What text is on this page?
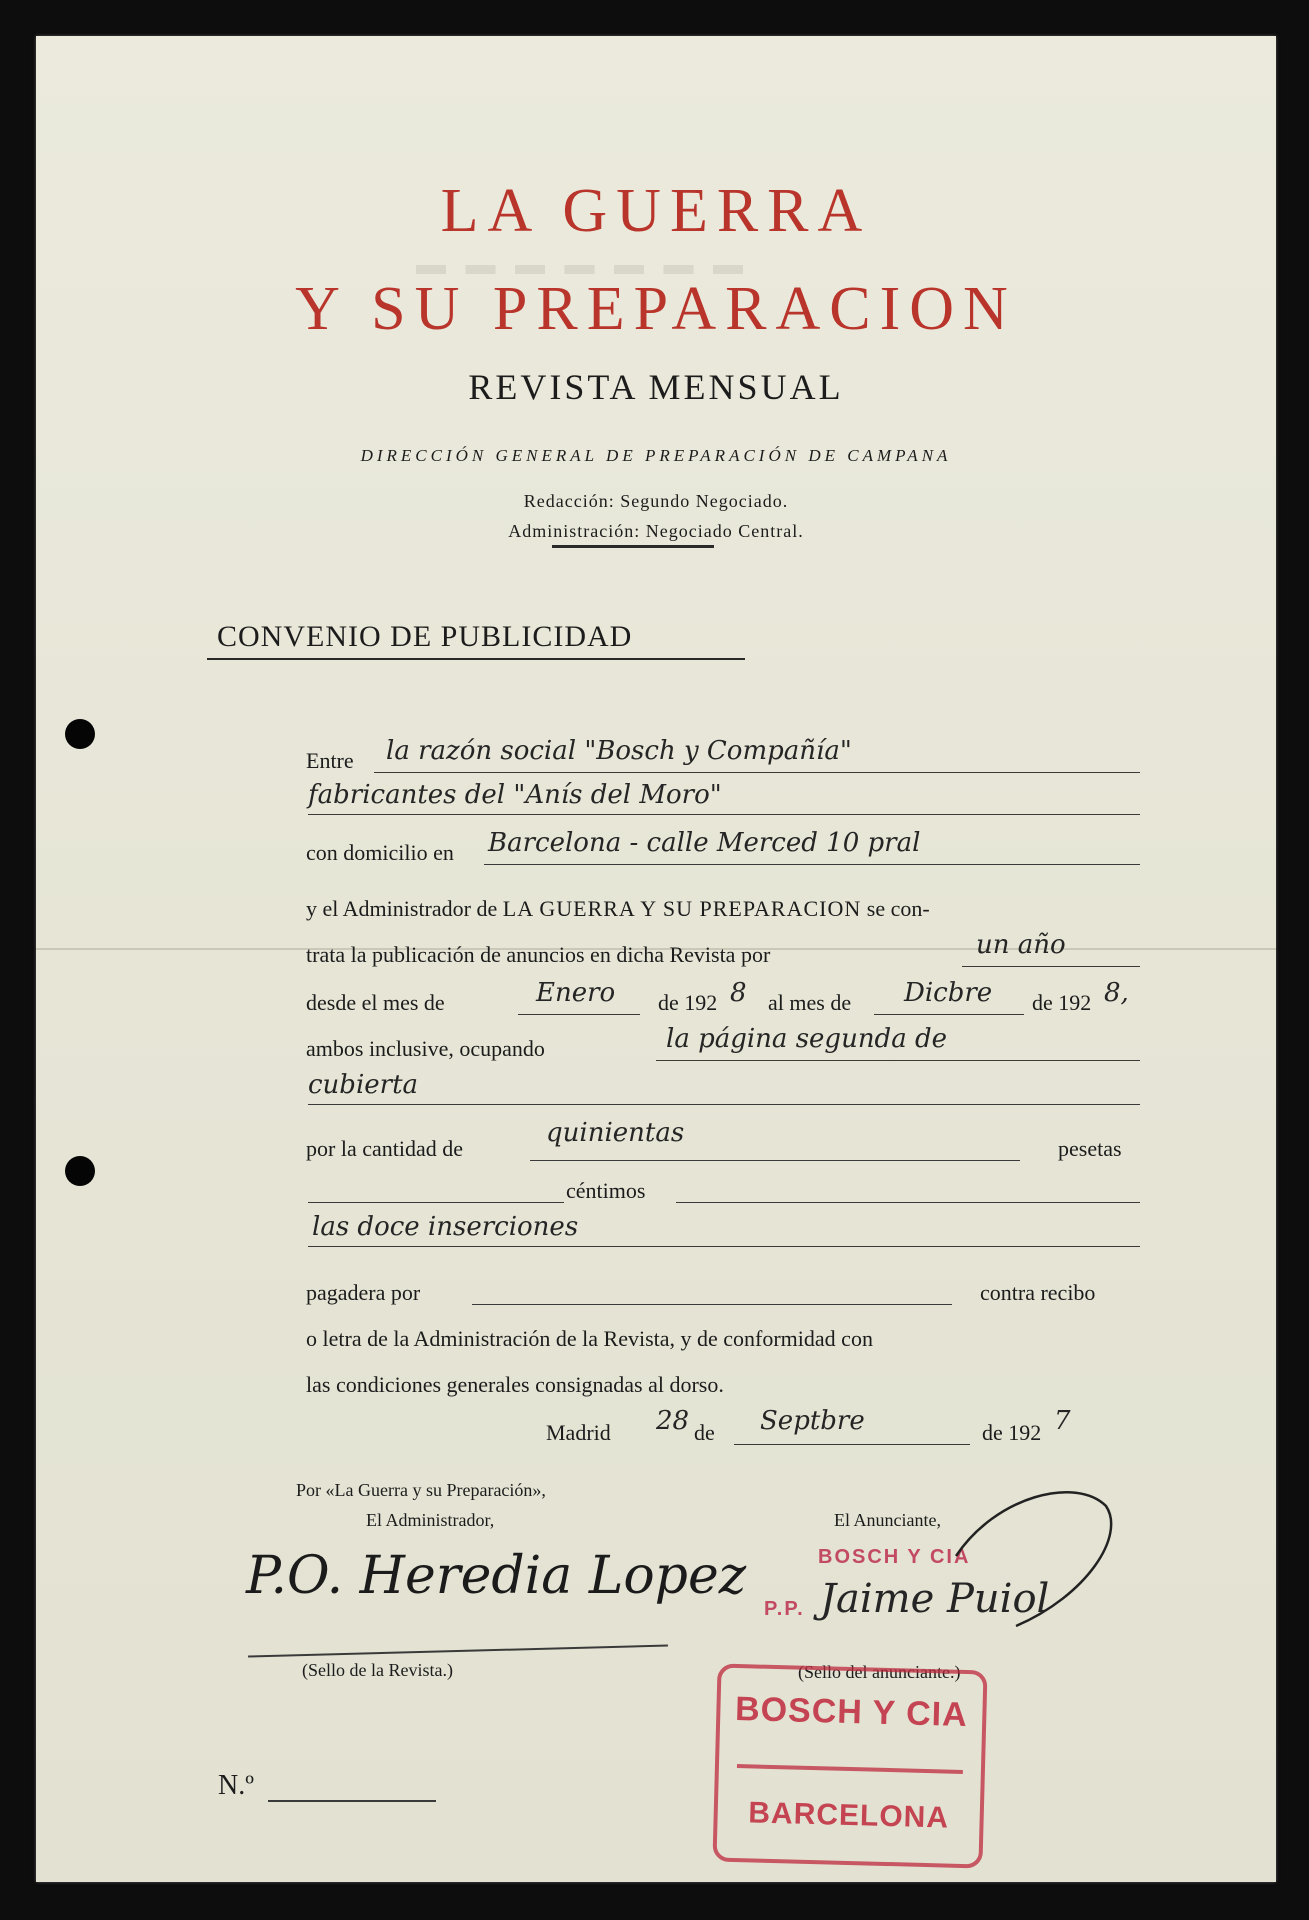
▬ ▬ ▬ ▬ ▬ ▬ ▬
LA GUERRA
Y SU PREPARACION
REVISTA MENSUAL
DIRECCIÓN GENERAL DE PREPARACIÓN DE CAMPANA
Redacción: Segundo Negociado.
Administración: Negociado Central.
CONVENIO DE PUBLICIDAD
Entre la razón social "Bosch y Compañía"
fabricantes del "Anís del Moro"
con domicilio en Barcelona - calle Merced 10 pral
y el Administrador de LA GUERRA Y SU PREPARACION se con-
trata la publicación de anuncios en dicha Revista por	un año
desde el mes de	Enero de 192 8 al mes de Dicbre de 192 8,
ambos inclusive, ocupando	la página segunda de
cubierta
por la cantidad de
quinientas
pesetas
céntimos
las doce inserciones
pagadera por	contra recibo
o letra de la Administración de la Revista, y de conformidad con
las condiciones generales consignadas al dorso.
Madrid 28 de Septbre	de 192 7
Por «La Guerra y su Preparación»,
El Administrador,
P.O. Heredia Lopez
(Sello de la Revista.)
El Anunciante,
BOSCH Y CIA
P.P. Jaime Puiol
(Sello del anunciante.)
BOSCH Y CIA
BARCELONA
N.º
